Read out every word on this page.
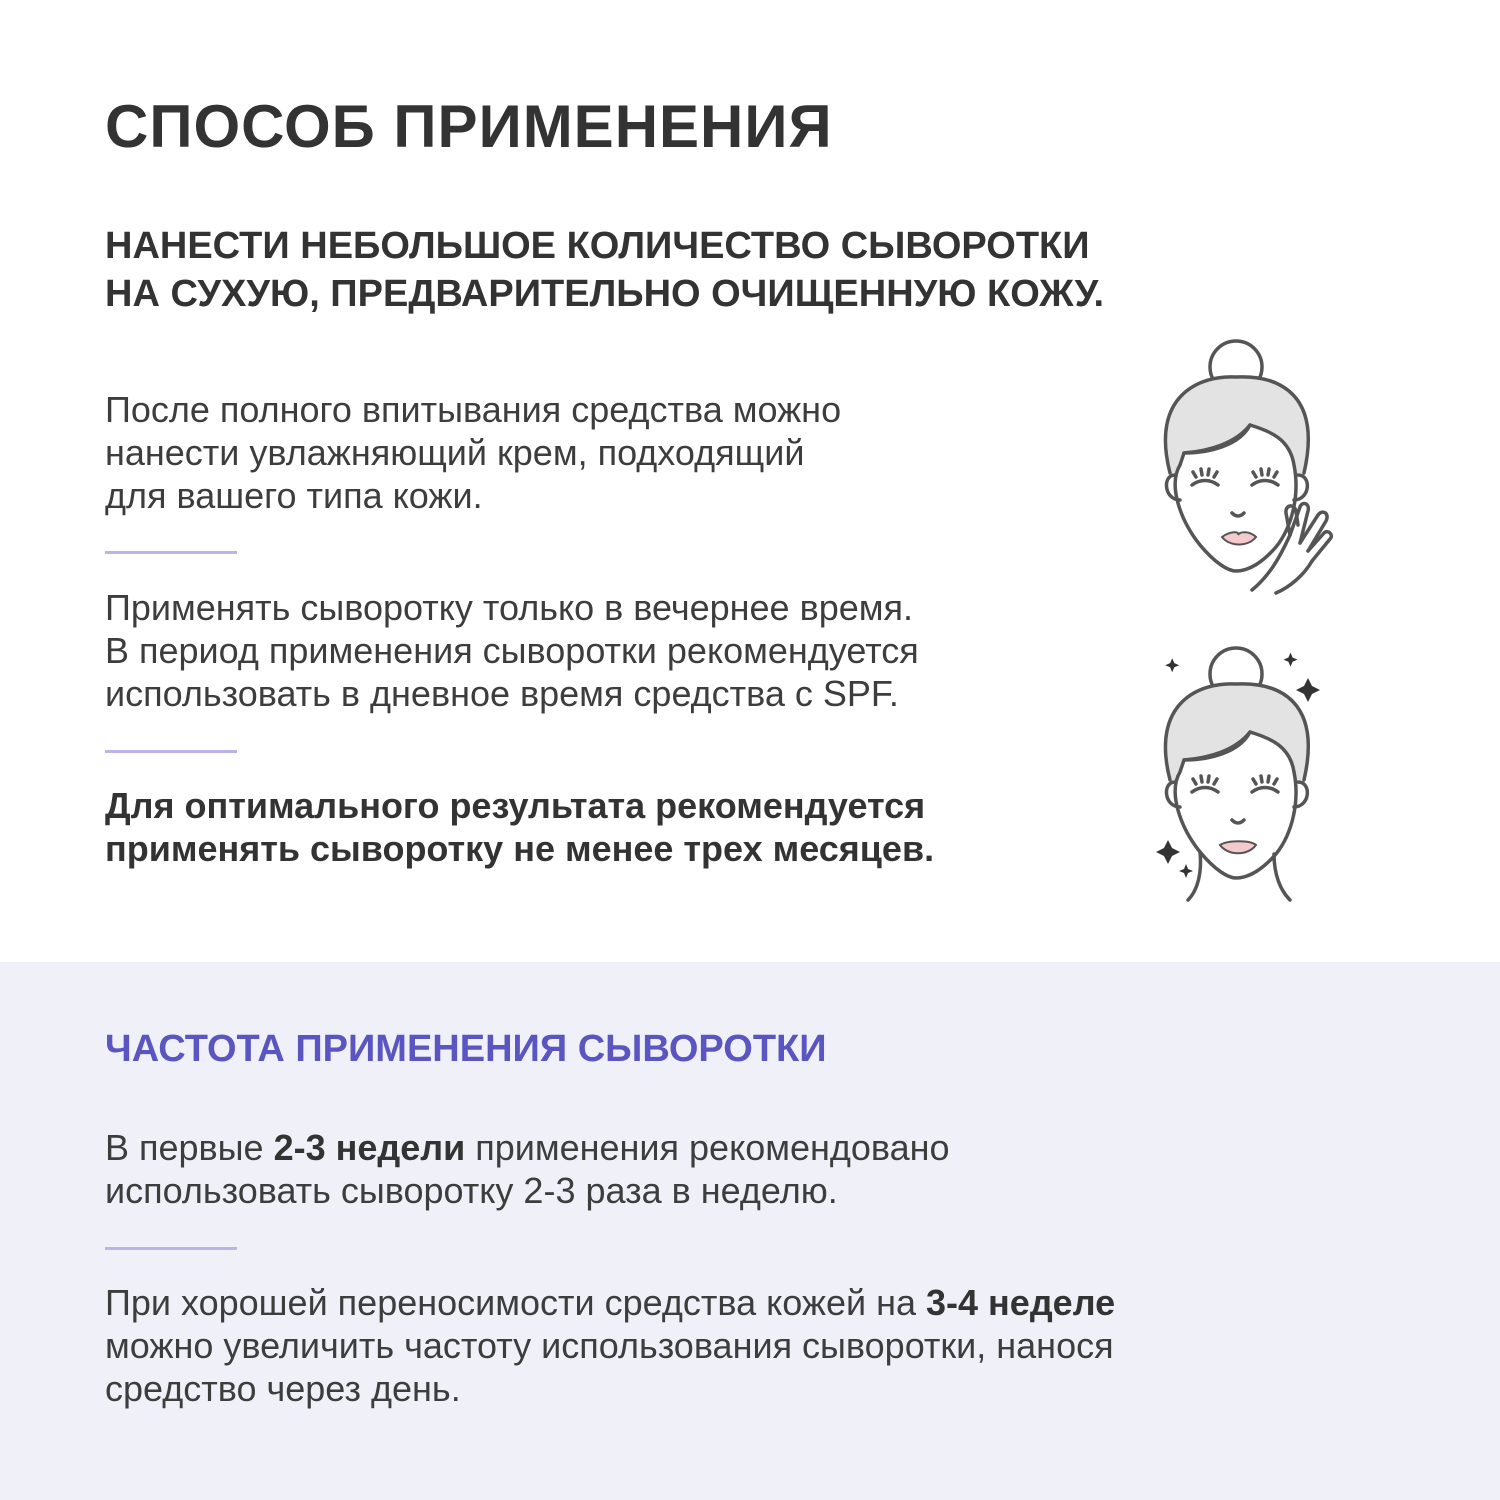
СПОСОБ ПРИМЕНЕНИЯ
НАНЕСТИ НЕБОЛЬШОЕ КОЛИЧЕСТВО СЫВОРОТКИ
НА СУХУЮ, ПРЕДВАРИТЕЛЬНО ОЧИЩЕННУЮ КОЖУ.

После полного впитывания средства можно
нанести увлажняющий крем, подходящий
для вашего типа кожи.

Применять сыворотку только в вечернее время.
В период применения сыворотки рекомендуется
использовать в дневное время средства с SPF.

Для оптимального результата рекомендуется
применять сыворотку не менее трех месяцев.

ЧАСТОТА ПРИМЕНЕНИЯ СЫВОРОТКИ

В первые 2-3 недели применения рекомендовано
использовать сыворотку 2-3 раза в неделю.

При хорошей переносимости средства кожей на 3-4 неделе
можно увеличить частоту использования сыворотки, нанося
средство через день.
